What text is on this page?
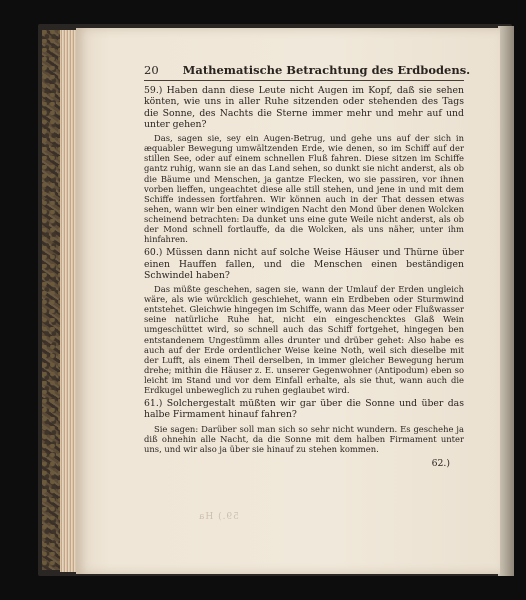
59.) Ha
20 Mathematische Betrachtung des Erdbodens.

59.) Haben dann diese Leute nicht Augen im Kopf, daß sie sehen könten, wie uns in aller Ruhe sitzenden oder stehenden des Tags die Sonne, des Nachts die Sterne immer mehr und mehr auf und unter gehen?

Das, sagen sie, sey ein Augen-Betrug, und gehe uns auf der sich in æquabler Bewegung umwältzenden Erde, wie denen, so im Schiff auf der stillen See, oder auf einem schnellen Fluß fahren. Diese sitzen im Schiffe gantz ruhig, wann sie an das Land sehen, so dunkt sie nicht anderst, als ob die Bäume und Menschen, ja gantze Flecken, wo sie passiren, vor ihnen vorben lieffen, ungeachtet diese alle still stehen, und jene in und mit dem Schiffe indessen fortfahren. Wir können auch in der That dessen etwas sehen, wann wir ben einer windigen Nacht den Mond über denen Wolcken scheinend betrachten: Da dunket uns eine gute Weile nicht anderst, als ob der Mond schnell fortlauffe, da die Wolcken, als uns näher, unter ihm hinfahren.

60.) Müssen dann nicht auf solche Weise Häuser und Thürne über einen Hauffen fallen, und die Menschen einen beständigen Schwindel haben?

Das müßte geschehen, sagen sie, wann der Umlauf der Erden ungleich wäre, als wie würcklich geschiehet, wann ein Erdbeben oder Sturmwind entstehet. Gleichwie hingegen im Schiffe, wann das Meer oder Flußwasser seine natürliche Ruhe hat, nicht ein eingeschencktes Glaß Wein umgeschüttet wird, so schnell auch das Schiff fortgehet, hingegen ben entstandenem Ungestümm alles drunter und drüber gehet: Also habe es auch auf der Erde ordentlicher Weise keine Noth, weil sich dieselbe mit der Lufft, als einem Theil derselben, in immer gleicher Bewegung herum drehe; mithin die Häuser z. E. unserer Gegenwohner (Antipodum) eben so leicht im Stand und vor dem Einfall erhalte, als sie thut, wann auch die Erdkugel unbeweglich zu ruhen geglaubet wird.

61.) Solchergestalt müßten wir gar über die Sonne und über das halbe Firmament hinauf fahren?

Sie sagen: Darüber soll man sich so sehr nicht wundern. Es geschehe ja diß ohnehin alle Nacht, da die Sonne mit dem halben Firmament unter uns, und wir also ja über sie hinauf zu stehen kommen.

62.)
